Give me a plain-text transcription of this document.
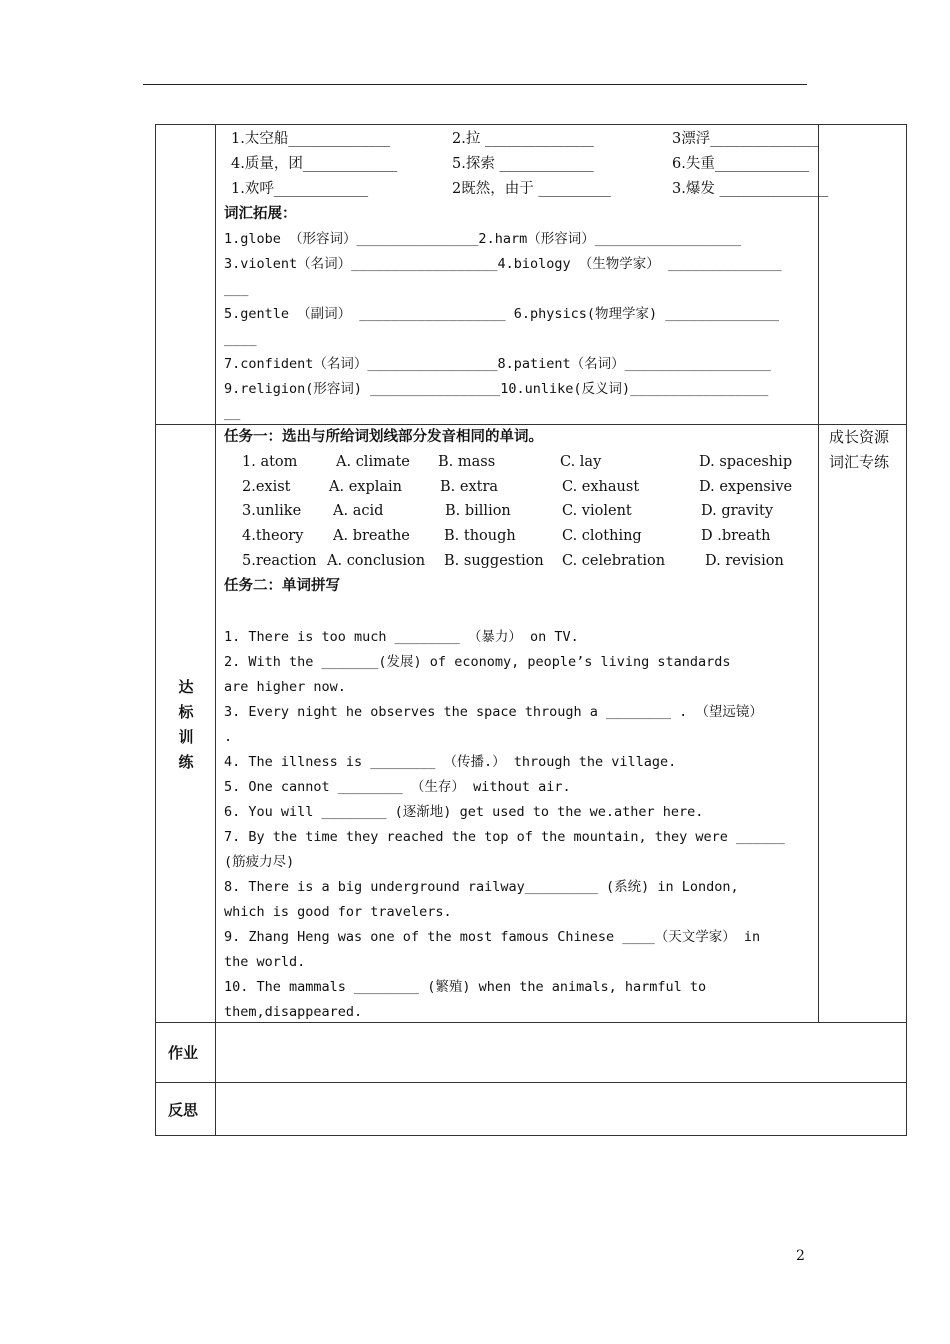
1.太空船______________	2.拉 _______________	3漂浮_______________
4.质量，团_____________	5.探索 _____________	6.失重_____________
1.欢呼_____________	2既然，由于 __________	3.爆发 _______________
词汇拓展：
1.globe （形容词）_______________2.harm（形容词）__________________
3.violent（名词）__________________4.biology （生物学家） ______________
___
5.gentle （副词） __________________ 6.physics(物理学家) ______________
____
7.confident（名词）________________8.patient（名词）__________________
9.religion(形容词) ________________10.unlike(反义词)_________________
__
达
标
训
练
成长资源
词汇专练
任务一：选出与所给词划线部分发音相同的单词。
1. atom	A. climate B. mass	C. lay	D. spaceship
2.exist	A. explain	B. extra	C. exhaust	D. expensive
3.unlike A. acid	B. billion	C. violent	D. gravity
4.theory A. breathe B. though	C. clothing	D .breath
5.reaction A. conclusion B. suggestion C. celebration	D. revision
任务二：单词拼写
1. There is too much ________ （暴力） on TV.
2. With the _______(发展) of economy, people’s living standards
are higher now.
3. Every night he observes the space through a ________ . （望远镜）
.
4. The illness is ________ （传播.） through the village.
5. One cannot ________ （生存） without air.
6. You will ________ (逐渐地) get used to the we.ather here.
7. By the time they reached the top of the mountain, they were ______
(筋疲力尽)
8. There is a big underground railway_________ (系统) in London,
which is good for travelers.
9. Zhang Heng was one of the most famous Chinese ____（天文学家） in
the world.
10. The mammals ________ (繁殖) when the animals, harmful to
them,disappeared.
作业
反思
2
